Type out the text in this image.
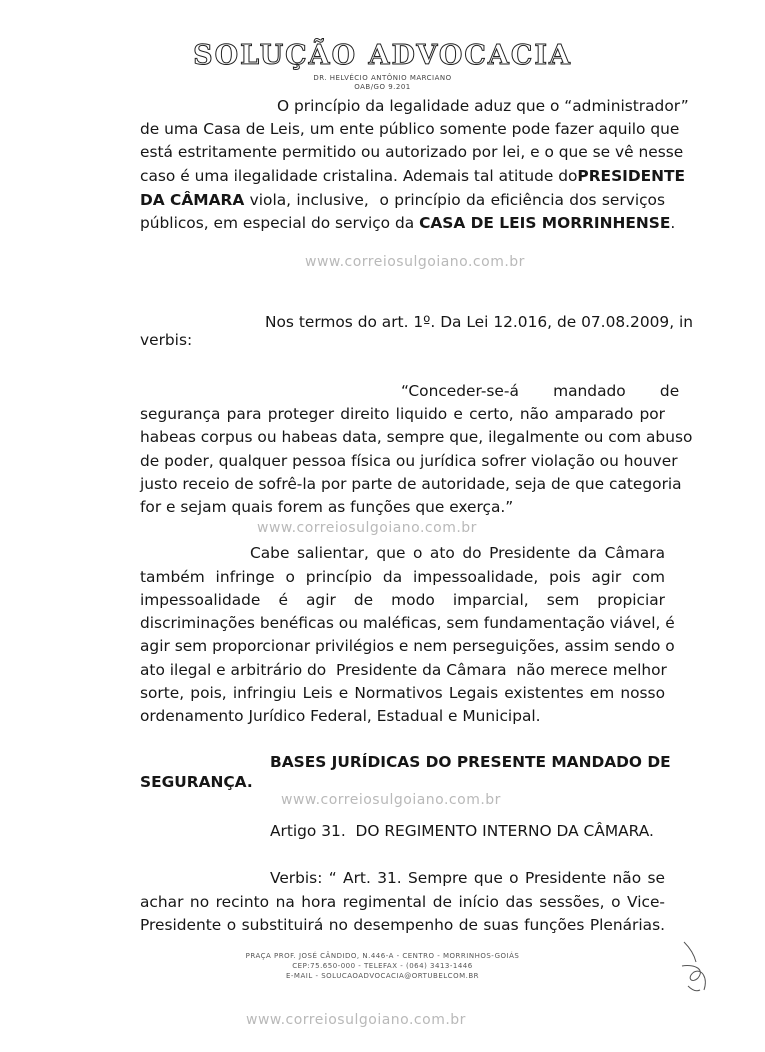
SOLUÇÃO ADVOCACIA
DR. HELVÉCIO ANTÔNIO MARCIANO
OAB/GO 9.201
O princípio da legalidade aduz que o “administrador”
de uma Casa de Leis, um ente público somente pode fazer aquilo que
está estritamente permitido ou autorizado por lei, e o que se vê nesse
caso é uma ilegalidade cristalina. Ademais tal atitude do PRESIDENTE
DA CÂMARA viola, inclusive,  o princípio da eficiência dos serviços
públicos, em especial do serviço da CASA DE LEIS MORRINHENSE.
www.correiosulgoiano.com.br
Nos termos do art. 1º. Da Lei 12.016, de 07.08.2009, in
verbis:
“Conceder-se-á       mandado       de
segurança para proteger direito liquido e certo, não amparado por
habeas corpus ou habeas data, sempre que, ilegalmente ou com abuso
de poder, qualquer pessoa física ou jurídica sofrer violação ou houver
justo receio de sofrê-la por parte de autoridade, seja de que categoria
for e sejam quais forem as funções que exerça.”
www.correiosulgoiano.com.br
Cabe salientar, que o ato do Presidente da Câmara
também infringe o princípio da impessoalidade, pois agir com
impessoalidade é agir de modo imparcial, sem propiciar
discriminações benéficas ou maléficas, sem fundamentação viável, é
agir sem proporcionar privilégios e nem perseguições, assim sendo o
ato ilegal e arbitrário do  Presidente da Câmara  não merece melhor
sorte, pois, infringiu Leis e Normativos Legais existentes em nosso
ordenamento Jurídico Federal, Estadual e Municipal.
BASES JURÍDICAS DO PRESENTE MANDADO DE
SEGURANÇA.
www.correiosulgoiano.com.br
Artigo 31.  DO REGIMENTO INTERNO DA CÂMARA.
Verbis: “ Art. 31. Sempre que o Presidente não se
achar no recinto na hora regimental de início das sessões, o Vice-
Presidente o substituirá no desempenho de suas funções Plenárias.
PRAÇA PROF. JOSÉ CÂNDIDO, N.446-A - CENTRO - MORRINHOS-GOIÁS
CEP:75.650-000 - TELEFAX - (064) 3413-1446
E-MAIL - SOLUCAOADVOCACIA@ORTUBELCOM.BR
www.correiosulgoiano.com.br
